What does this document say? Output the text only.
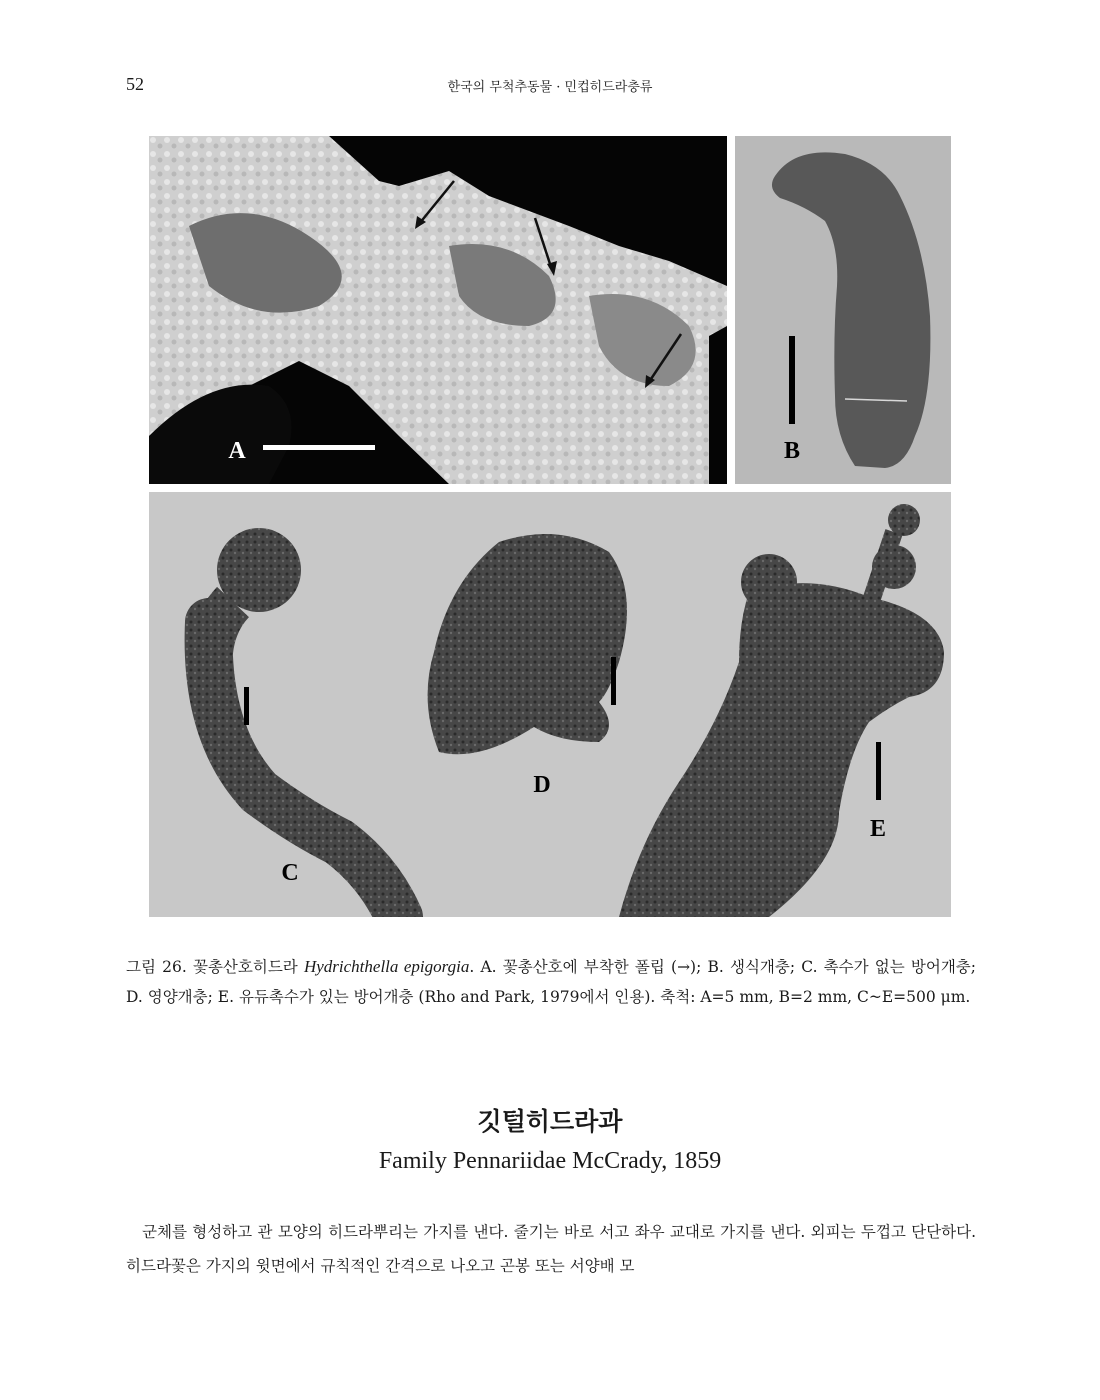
52	한국의 무척추동물 · 민컵히드라충류
A	B
C
D
E
그림 26. 꽃총산호히드라 Hydrichthella epigorgia. A. 꽃총산호에 부착한 폴립 (→); B. 생식개충; C. 촉수가 없는 방어개충; D. 영양개충; E. 유듀촉수가 있는 방어개충 (Rho and Park, 1979에서 인용). 축척: A=5 mm, B=2 mm, C~E=500 μm.
깃털히드라과
Family Pennariidae McCrady, 1859
군체를 형성하고 관 모양의 히드라뿌리는 가지를 낸다. 줄기는 바로 서고 좌우 교대로 가지를 낸다. 외피는 두껍고 단단하다. 히드라꽃은 가지의 윗면에서 규칙적인 간격으로 나오고 곤봉 또는 서양배 모
